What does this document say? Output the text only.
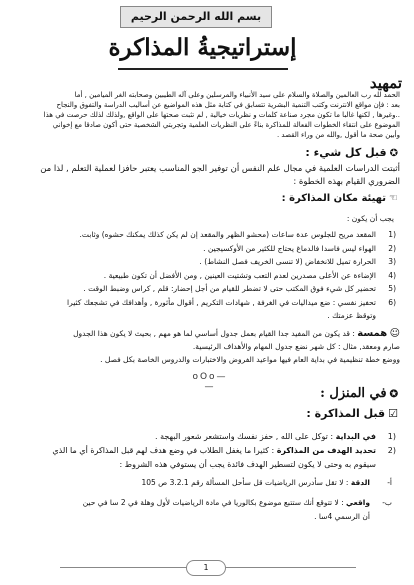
بسم الله الرحمن الرحيم
إستراتيجيةُ المذاكرة
تمهيد
الحمد لله رب العالمين والصلاة والسلام على سيد الأنبياء والمرسلين وعلى آله الطيبين وصحابته الغر الميامين , أما
بعد : فإن مواقع الانترنت وكتب التنمية البشرية تتسابق في كتابة مثل هذه المواضيع عن أساليب الدراسة والتفوق والنجاح
..وغيرها , لكنها غالبا ما تكون مجرد صناعة كلمات و نظريات خيالية , لم تثبت صحتها على الواقع ,ولذلك لذلك حرصت في هذا
الموضوع على انتقاء الخطوات الفعالة للمذاكرة بناءً على النظريات العلمية وتجربتي الشخصية حتى أكون صادقا مع إخواني
وأبين صحة ما أقول ,والله من وراء القصد .
✪قبل كل شيء :
أثبتت الدراسات العلمية في مجال علم النفس أن توفير الجو المناسب يعتبر حافزا لعملية التعلم , لذا من الضروري القيام بهذه الخطوة :
☜تهيئة مكان المذاكرة :
يجب أن يكون :
(1
المقعد مريح للجلوس عدة ساعات (محشو الظهر والمقعد إن لم يكن كذلك يمكنك حشوه) وثابت.
(2
الهواء ليس فاسدا فالدماغ يحتاج للكثير من الأوكسيجين .
(3
الحرارة تميل للانخفاض (لا تنسى الخريف فصل النشاط) .
(4
الإضاءة عن الأعلى مصدرين لعدم التعب وتشتيت العينين , ومن الأفضل أن تكون طبيعية .
(5
تحضير كل شيء فوق المكتب حتى لا تضطر للقيام من أجل إحضار: قلم , كراس وضبط الوقت .
(6
تحفيز نفسي : ضع ميداليات في الغرفة , شهادات التكريم , أقوال مأثورة , وأهدافك في تشجعك كثيرا
وتوقظ عزمتك .
☺ همسة : قد يكون من المفيد جدا القيام بعمل جدول أساسي لما هو مهم , بحيث لا يكون هذا الجدول
صارم ومعقد, مثال : كل شهر نضع جدول المهام والأهداف الرئيسية.
ووضع خطة تنظيمية في بداية العام فيها مواعيد الفروض والاختبارات والدروس الخاصة بكل فصل .
—oOo—
✪في المنزل :
☑قبل المذاكرة :
(1
في البداية : توكل على الله , حفز نفسك واستشعر شعور البهجة .
(2
تحديد الهدف من المذاكرة : كثيرا ما يغفل الطلاب في وضع هدف لهم قبل المذاكرة أي ما الذي
سيقوم به وحتى لا يكون لتسطير الهدف فائدة يجب أن يستوفي هذه الشروط :
أ-
الدقة : لا تقل سأدرس الرياضيات قل سأحل المسألة رقم 3.2.1 ص 105
ب-
واقعي : لا تتوقع أنك ستتبع موضوع بكالوريا في مادة الرياضيات لأول وهلة في 2 سا في حين
أن الرسمي 4سا .
1
